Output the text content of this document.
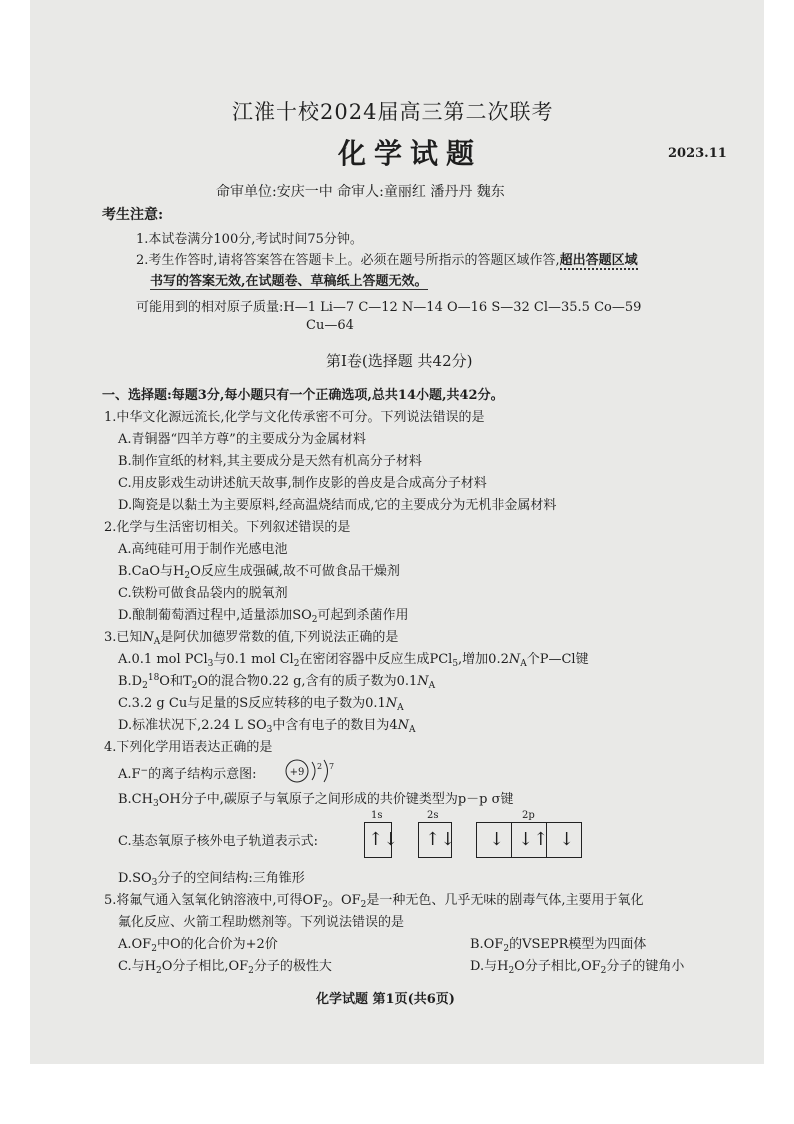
江淮十校2024届高三第二次联考
化学试题	2023.11
命审单位:安庆一中 命审人:童丽红 潘丹丹 魏东
考生注意:
1.本试卷满分100分,考试时间75分钟。
2.考生作答时,请将答案答在答题卡上。必须在题号所指示的答题区域作答,超出答题区域
书写的答案无效,在试题卷、草稿纸上答题无效。
可能用到的相对原子质量:H—1 Li—7 C—12 N—14 O—16 S—32 Cl—35.5 Co—59
Cu—64
第Ⅰ卷(选择题 共42分)
一、选择题:每题3分,每小题只有一个正确选项,总共14小题,共42分。
1.中华文化源远流长,化学与文化传承密不可分。下列说法错误的是
A.青铜器“四羊方尊”的主要成分为金属材料
B.制作宣纸的材料,其主要成分是天然有机高分子材料
C.用皮影戏生动讲述航天故事,制作皮影的兽皮是合成高分子材料
D.陶瓷是以黏土为主要原料,经高温烧结而成,它的主要成分为无机非金属材料
2.化学与生活密切相关。下列叙述错误的是
A.高纯硅可用于制作光感电池
B.CaO与$H_2O$反应生成强碱,故不可做食品干燥剂
C.铁粉可做食品袋内的脱氧剂
D.酿制葡萄酒过程中,适量添加$SO_2$可起到杀菌作用
3.已知$N_A$是阿伏加德罗常数的值,下列说法正确的是
A.0.1 mol PCl$_3$与0.1 mol $Cl_2$在密闭容器中反应生成PCl$_5$,增加$0.2N_A$个P—Cl键
$B.D_2^{18}O$和$T_2O$的混合物0.22 g,含有的质子数为$0.1N_A$
C.3.2 g Cu与足量的S反应转移的电子数为$0.1N_A$
D.标准状况下,2.24 L $SO_3$中含有电子的数目为$4N_A$
4.下列化学用语表达正确的是
A.F−的离子结构示意图:	+9
2 7
$B.CH_3OH$分子中,碳原子与氧原子之间形成的共价键类型为p－p σ键
C.基态氧原子核外电子轨道表示式:
1s	2s	2p
↑↓ ↑↓ ↓ ↓↑ ↓
$D.SO_3$分子的空间结构:三角锥形
5.将氟气通入氢氧化钠溶液中,可得$OF_2$。$OF_2$是一种无色、几乎无味的剧毒气体,主要用于氧化
氟化反应、火箭工程助燃剂等。下列说法错误的是
$A.OF_2$中O的化合价为+2价	$B.OF_2$的VSEPR模型为四面体
C.与$H_2O$分子相比$,OF_2$分子的极性大	D.与$H_2O$分子相比$,OF_2$分子的键角小
化学试题 第1页(共6页)
